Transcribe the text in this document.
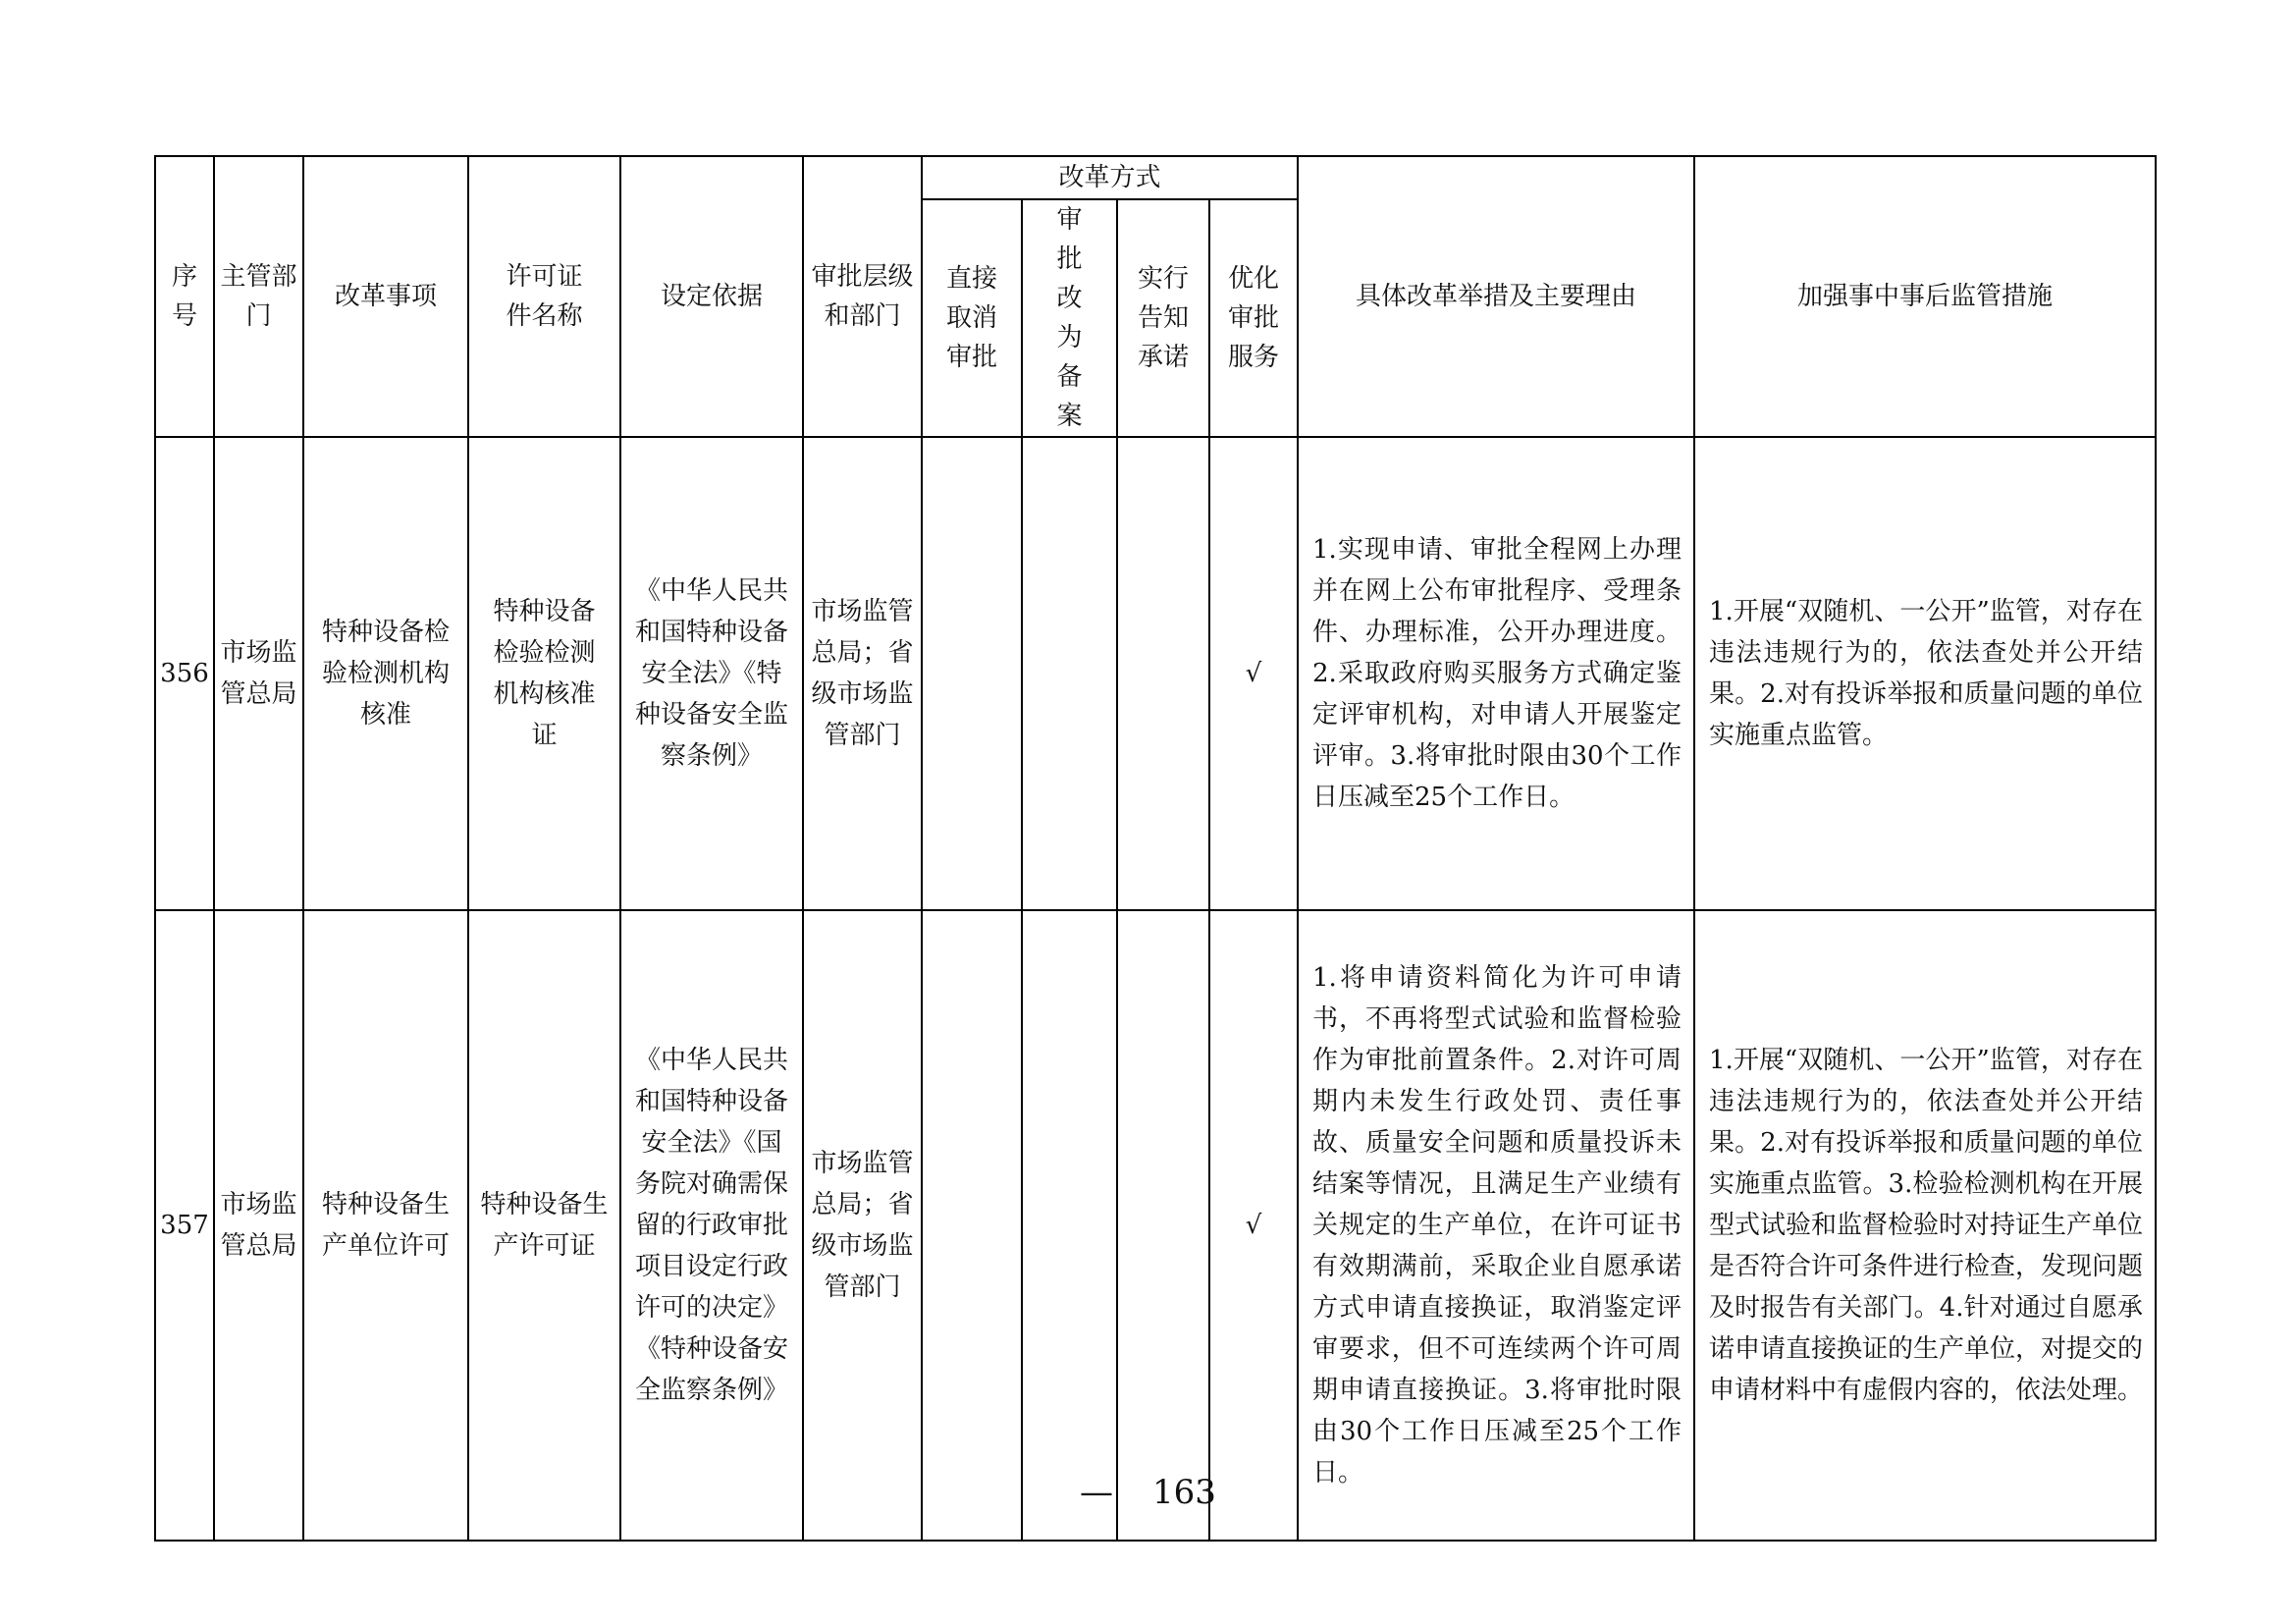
序号	主管部门	改革事项	许可证件名称	设定依据	审批层级和部门	改革方式				具体改革举措及主要理由	加强事中事后监管措施

						直接取消审批	审批改为备案	实行告知承诺	优化审批服务		

356	市场监管总局	特种设备检验检测机构核准	特种设备检验检测机构核准证	《中华人民共和国特种设备安全法》《特种设备安全监察条例》	市场监管总局；省级市场监管部门				√	1.实现申请、审批全程网上办理并在网上公布审批程序、受理条件、办理标准，公开办理进度。2.采取政府购买服务方式确定鉴定评审机构，对申请人开展鉴定评审。3.将审批时限由30个工作日压减至25个工作日。	1.开展“双随机、一公开”监管，对存在违法违规行为的，依法查处并公开结果。2.对有投诉举报和质量问题的单位实施重点监管。
357	市场监管总局	特种设备生产单位许可	特种设备生产许可证	《中华人民共和国特种设备安全法》《国务院对确需保留的行政审批项目设定行政许可的决定》《特种设备安全监察条例》	市场监管总局；省级市场监管部门				√	1.将申请资料简化为许可申请书，不再将型式试验和监督检验作为审批前置条件。2.对许可周期内未发生行政处罚、责任事故、质量安全问题和质量投诉未结案等情况，且满足生产业绩有关规定的生产单位，在许可证书有效期满前，采取企业自愿承诺方式申请直接换证，取消鉴定评审要求，但不可连续两个许可周期申请直接换证。3.将审批时限由30个工作日压减至25个工作日。	1.开展“双随机、一公开”监管，对存在违法违规行为的，依法查处并公开结果。2.对有投诉举报和质量问题的单位实施重点监管。3.检验检测机构在开展型式试验和监督检验时对持证生产单位是否符合许可条件进行检查，发现问题及时报告有关部门。4.针对通过自愿承诺申请直接换证的生产单位，对提交的申请材料中有虚假内容的，依法处理。
— 163
